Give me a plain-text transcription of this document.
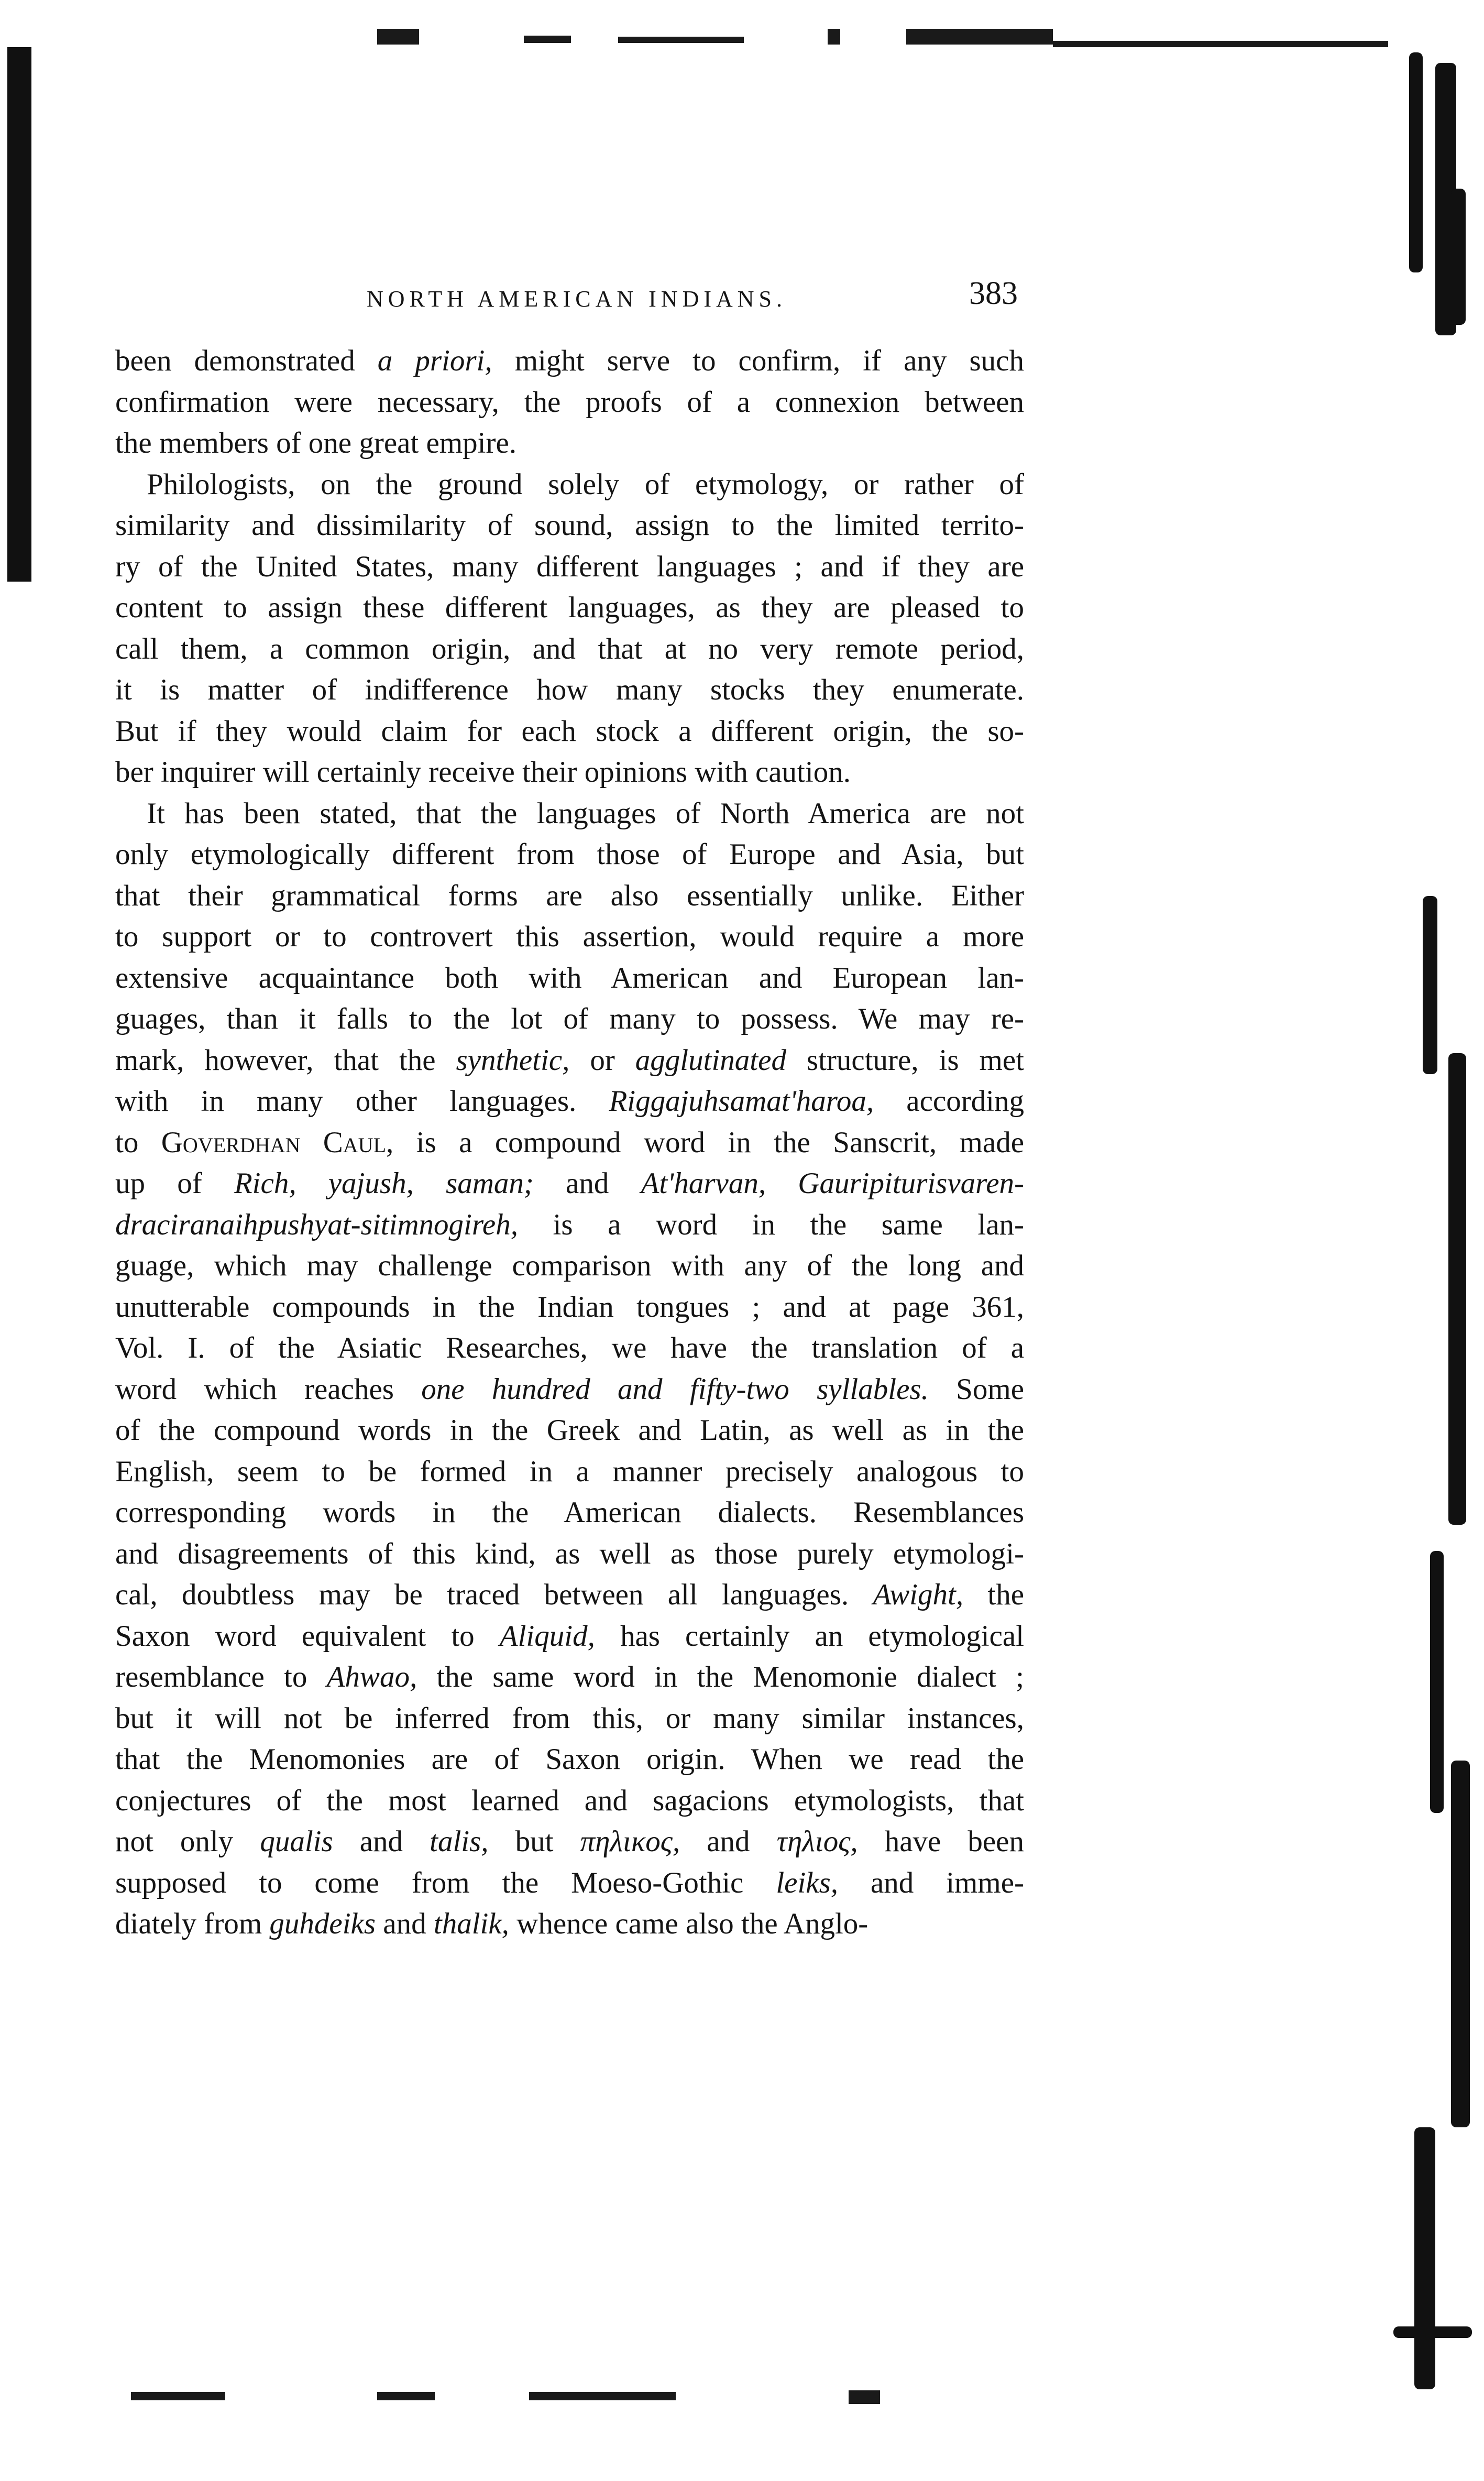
NORTH AMERICAN INDIANS.	383
been demonstrated a priori, might serve to confirm, if any such
confirmation were necessary, the proofs of a connexion between
the members of one great empire.
Philologists, on the ground solely of etymology, or rather of
similarity and dissimilarity of sound, assign to the limited territo-
ry of the United States, many different languages ; and if they are
content to assign these different languages, as they are pleased to
call them, a common origin, and that at no very remote period,
it is matter of indifference how many stocks they enumerate.
But if they would claim for each stock a different origin, the so-
ber inquirer will certainly receive their opinions with caution.
It has been stated, that the languages of North America are not
only etymologically different from those of Europe and Asia, but
that their grammatical forms are also essentially unlike. Either
to support or to controvert this assertion, would require a more
extensive acquaintance both with American and European lan-
guages, than it falls to the lot of many to possess. We may re-
mark, however, that the synthetic, or agglutinated structure, is met
with in many other languages. Riggajuhsamat'haroa, according
to Goverdhan Caul, is a compound word in the Sanscrit, made
up of Rich, yajush, saman; and At'harvan, Gauripiturisvaren-
draciranaihpushyat-sitimnogireh, is a word in the same lan-
guage, which may challenge comparison with any of the long and
unutterable compounds in the Indian tongues ; and at page 361,
Vol. I. of the Asiatic Researches, we have the translation of a
word which reaches one hundred and fifty-two syllables. Some
of the compound words in the Greek and Latin, as well as in the
English, seem to be formed in a manner precisely analogous to
corresponding words in the American dialects. Resemblances
and disagreements of this kind, as well as those purely etymologi-
cal, doubtless may be traced between all languages. Awight, the
Saxon word equivalent to Aliquid, has certainly an etymological
resemblance to Ahwao, the same word in the Menomonie dialect ;
but it will not be inferred from this, or many similar instances,
that the Menomonies are of Saxon origin. When we read the
conjectures of the most learned and sagacions etymologists, that
not only qualis and talis, but πηλικος, and τηλιος, have been
supposed to come from the Moeso-Gothic leiks, and imme-
diately from guhdeiks and thalik, whence came also the Anglo-
